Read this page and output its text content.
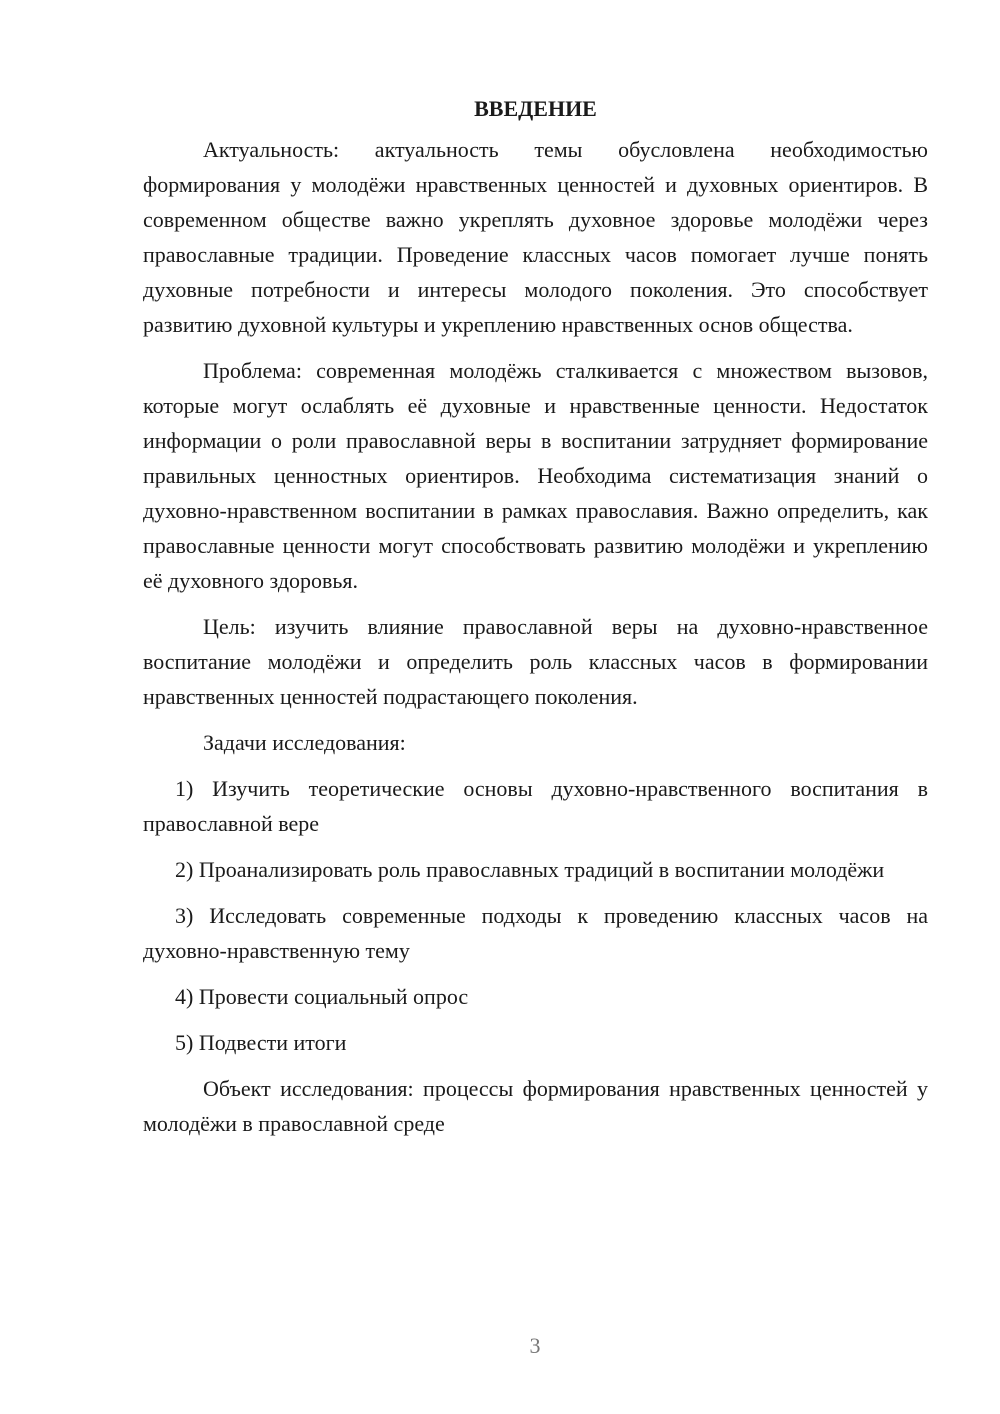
ВВЕДЕНИЕ

Актуальность: актуальность темы обусловлена необходимостью формирования у молодёжи нравственных ценностей и духовных ориентиров. В современном обществе важно укреплять духовное здоровье молодёжи через православные традиции. Проведение классных часов помогает лучше понять духовные потребности и интересы молодого поколения. Это способствует развитию духовной культуры и укреплению нравственных основ общества.

Проблема: современная молодёжь сталкивается с множеством вызовов, которые могут ослаблять её духовные и нравственные ценности. Недостаток информации о роли православной веры в воспитании затрудняет формирование правильных ценностных ориентиров. Необходима систематизация знаний о духовно-нравственном воспитании в рамках православия. Важно определить, как православные ценности могут способствовать развитию молодёжи и укреплению её духовного здоровья.

Цель: изучить влияние православной веры на духовно-нравственное воспитание молодёжи и определить роль классных часов в формировании нравственных ценностей подрастающего поколения.

Задачи исследования:

1) Изучить теоретические основы духовно-нравственного воспитания в православной вере

2) Проанализировать роль православных традиций в воспитании молодёжи

3) Исследовать современные подходы к проведению классных часов на духовно-нравственную тему

4) Провести социальный опрос

5) Подвести итоги

Объект исследования: процессы формирования нравственных ценностей у молодёжи в православной среде

3
